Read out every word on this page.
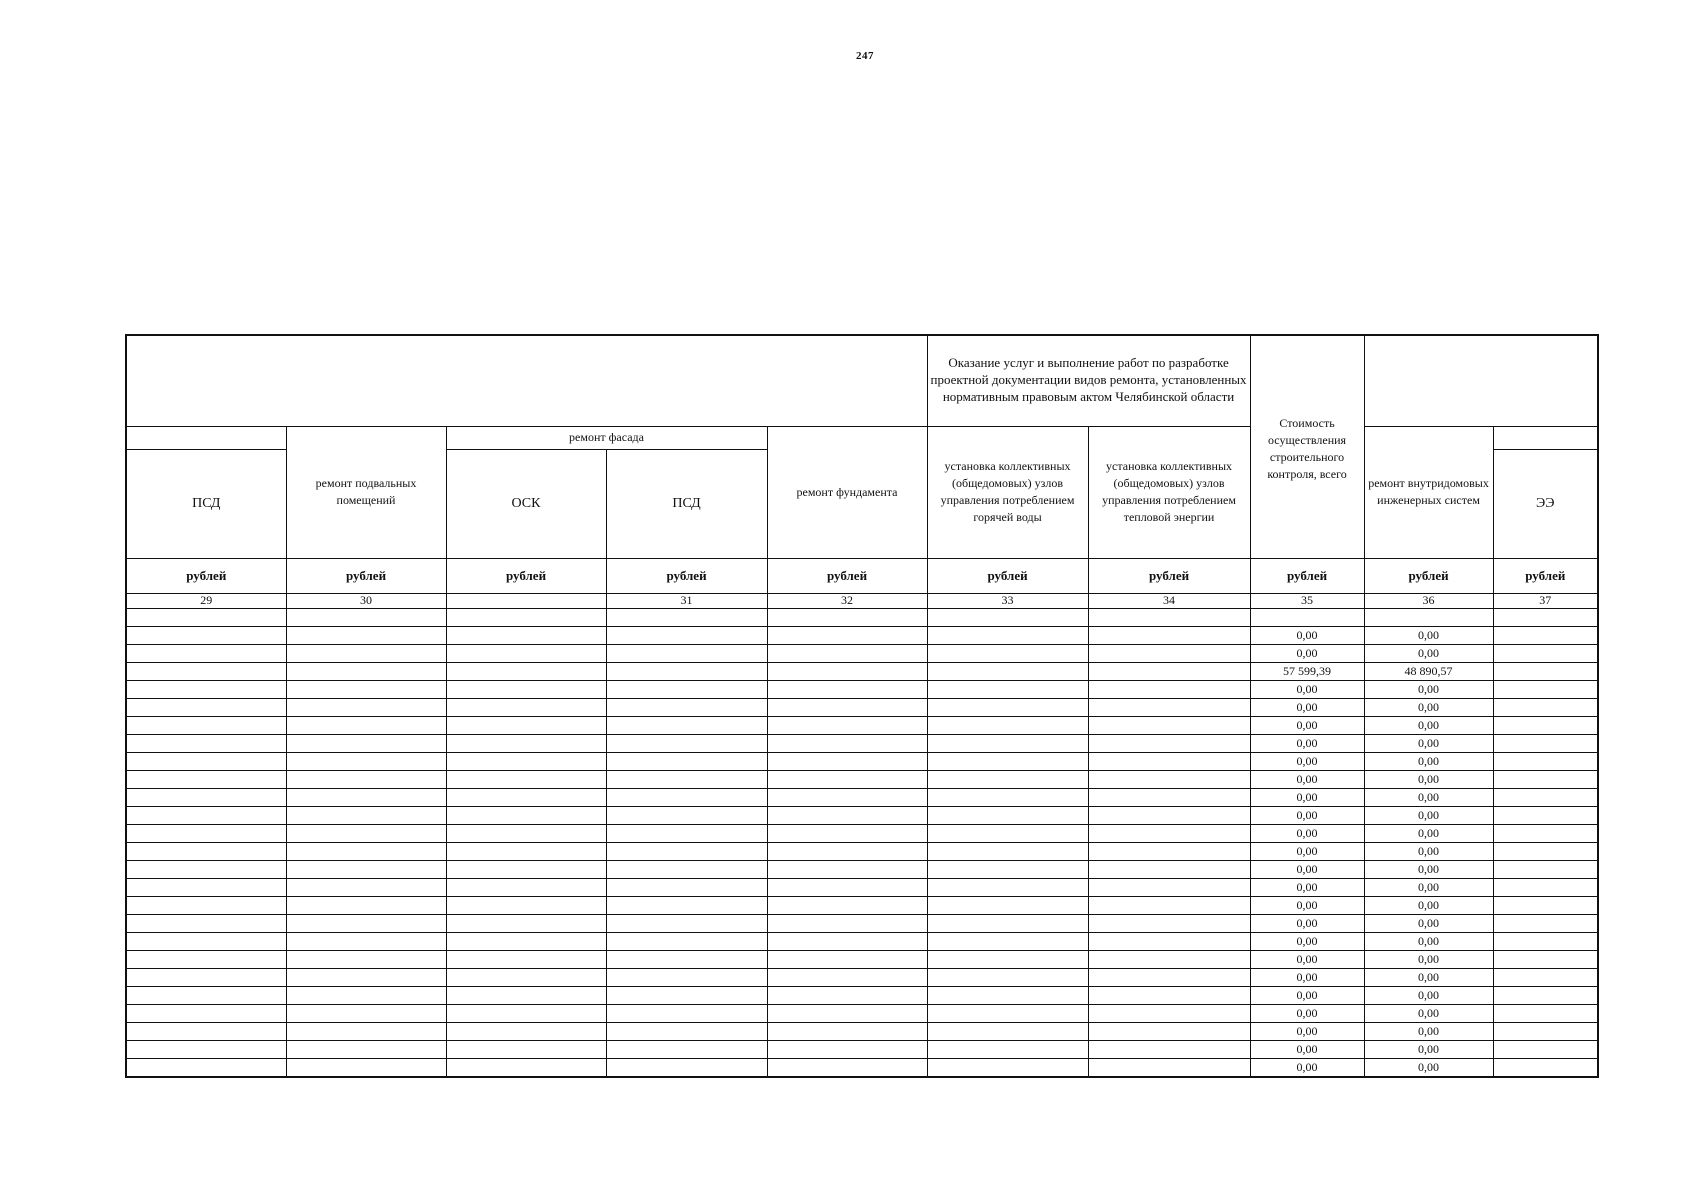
247
					Оказание услуг и выполнение работ по разработке проектной документации видов ремонта, установленных нормативным правовым актом Челябинской области		Стоимость осуществления строительного контроля, всего		

	ремонт подвальных помещений	ремонт фасада		ремонт фундамента	установка коллективных (общедомовых) узлов управления потреблением горячей воды	установка коллективных (общедомовых) узлов управления потреблением тепловой энергии		ремонт внутридомовых инженерных систем	
ПСД		ОСК	ПСД						ЭЭ
рублей	рублей	рублей	рублей	рублей	рублей	рублей	рублей	рублей	рублей
29	30		31	32	33	34	35	36	37

							0,00	0,00	
							0,00	0,00	
							57 599,39	48 890,57	
							0,00	0,00	
							0,00	0,00	
							0,00	0,00	
							0,00	0,00	
							0,00	0,00	
							0,00	0,00	
							0,00	0,00	
							0,00	0,00	
							0,00	0,00	
							0,00	0,00	
							0,00	0,00	
							0,00	0,00	
							0,00	0,00	
							0,00	0,00	
							0,00	0,00	
							0,00	0,00	
							0,00	0,00	
							0,00	0,00	
							0,00	0,00	
							0,00	0,00	
							0,00	0,00	
							0,00	0,00	
